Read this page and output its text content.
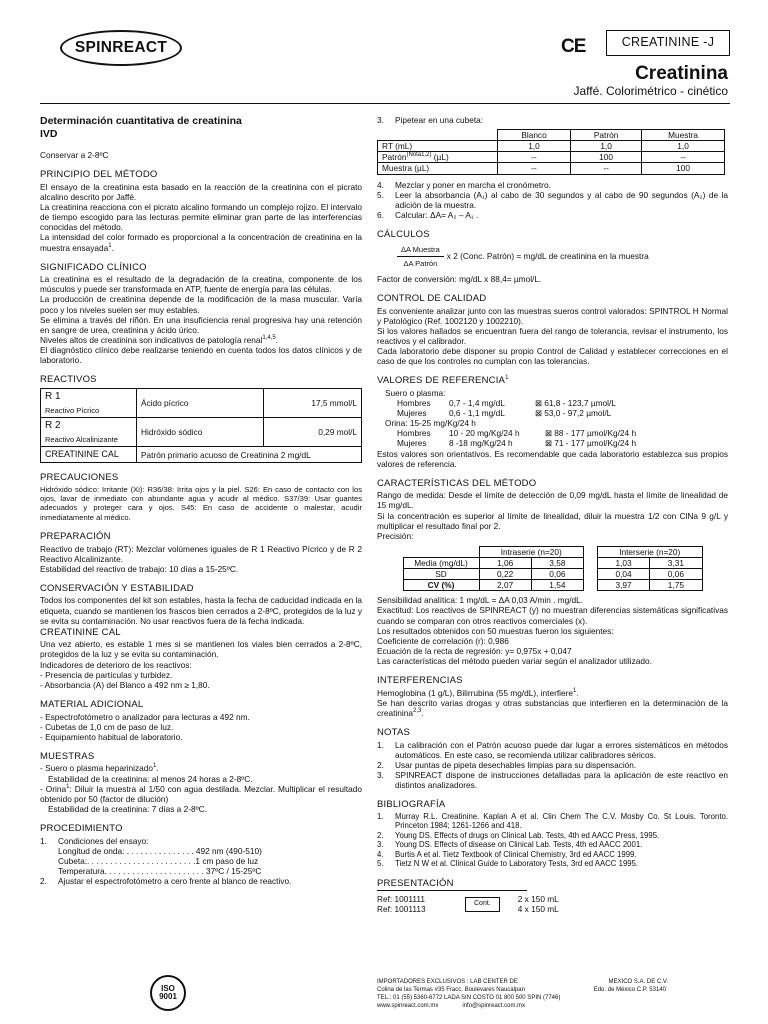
SPINREACT	CE	CREATININE -J
Creatinina
Jaffé. Colorimétrico - cinético
Determinación cuantitativa de creatinina
IVD

Conservar a 2-8ºC

PRINCIPIO DEL MÉTODO

El ensayo de la creatinina esta basado en la reacción de la creatinina con el picrato alcalino descrito por Jaffé.

La creatinina reacciona con el picrato alcalino formando un complejo rojizo. El intervalo de tiempo escogido para las lecturas permite eliminar gran parte de las interferencias conocidas del método.

La intensidad del color formado es proporcional a la concentración de creatinina en la muestra ensayada$^1$.

SIGNIFICADO CLÍNICO

La creatinina es el resultado de la degradación de la creatina, componente de los músculos y puede ser transformada en ATP, fuente de energía para las células.

La producción de creatinina depende de la modificación de la masa muscular. Varía poco y los niveles suelen ser muy estables.

Se elimina a través del riñón. En una insuficiencia renal progresiva hay una retención en sangre de urea, creatinina y ácido úrico.

Niveles altos de creatinina son indicativos de patología renal$^{1,4,5}$.

El diagnóstico clínico debe realizarse teniendo en cuenta todos los datos clínicos y de laboratorio.

REACTIVOS
R 1
Reactivo Pícrico	Ácido pícrico	17,5 mmol/L

R 2
Reactivo Alcalinizante	Hidróxido sódico	0,29 mol/L

CREATININE CAL	Patrón primario acuoso de Creatinina 2 mg/dL	
PRECAUCIONES

Hidróxido sódico: Irritante (Xi): R36/38: Irrita ojos y la piel. S26: En caso de contacto con los ojos, lavar de inmediato con abundante agua y acudir al médico. S37/39: Usar guantes adecuados y proteger cara y ojos. S45: En caso de accidente o malestar, acudir inmediatamente al médico.

PREPARACIÓN

Reactivo de trabajo (RT): Mezclar volúmenes iguales de R 1 Reactivo Pícrico y de R 2 Reactivo Alcalinizante.

Estabilidad del reactivo de trabajo: 10 días a 15-25ºC.

CONSERVACIÓN Y ESTABILIDAD

Todos los componentes del kit son estables, hasta la fecha de caducidad indicada en la etiqueta, cuando se mantienen los frascos bien cerrados a 2-8ºC, protegidos de la luz y se evita su contaminación. No usar reactivos fuera de la fecha indicada.

CREATININE CAL

Una vez abierto, es estable 1 mes si se mantienen los viales bien cerrados a 2-8ºC, protegidos de la luz y se evita su contaminación.

Indicadores de deterioro de los reactivos:

- Presencia de partículas y turbidez.

- Absorbancia (A) del Blanco a 492 nm ≥ 1,80.

MATERIAL ADICIONAL

- Espectrofotómetro o analizador para lecturas a 492 nm.

- Cubetas de 1,0 cm de paso de luz.

- Equipamiento habitual de laboratorio.

MUESTRAS

- Suero o plasma heparinizado$^1$.

Estabilidad de la creatinina: al menos 24 horas a 2-8ºC.

- Orina$^1$: Diluir la muestra al 1/50 con agua destilada. Mezclar. Multiplicar el resultado obtenido por 50 (factor de dilución)

Estabilidad de la creatinina: 7 días a 2-8ºC.

PROCEDIMIENTO
1.	Condiciones del ensayo:

Longitud de onda: . . . . . . . . . . . . . . . 492 nm (490-510)

Cubeta:. . . . . . . . . . . . . . . . . . . . . . . .1 cm paso de luz

Temperatura. . . . . . . . . . . . . . . . . . . . . . 37ºC / 15-25ºC

2.	Ajustar el espectrofotómetro a cero frente al blanco de reactivo.
3.	Pipetear en una cubeta:
	Blanco	Patrón	Muestra
RT (mL)	1,0	1,0	1,0
Patrón$^{(Nota1,2)}$ (µL)	--	100	--
Muestra (µL)	--	--	100
4.	Mezclar y poner en marcha el cronómetro.
5.	Leer la absorbancia (A₁) al cabo de 30 segundos y al cabo de 90 segundos (A₂) de la adición de la muestra.
6.	Calcular: ΔA= A₂ – A₁ .
CÁLCULOS
$\frac{\text{ΔA Muestra}}{\text{ΔA Patrón}}$ x 2 (Conc. Patrón) = mg/dL de creatinina en la muestra

Factor de conversión: mg/dL x 88,4= µmol/L.

CONTROL DE CALIDAD

Es conveniente analizar junto con las muestras sueros control valorados: SPINTROL H Normal y Patológico (Ref. 1002120 y 1002210).

Si los valores hallados se encuentran fuera del rango de tolerancia, revisar el instrumento, los reactivos y el calibrador.

Cada laboratorio debe disponer su propio Control de Calidad y establecer correcciones en el caso de que los controles no cumplan con las tolerancias.

VALORES DE REFERENCIA$^1$

Suero o plasma:

Hombres	0,7 - 1,4 mg/dL	⊠ 61,8 - 123,7 µmol/L
Mujeres	0,6 - 1,1 mg/dL	⊠ 53,0 - 97,2 µmol/L

Orina: 15-25 mg/Kg/24 h

Hombres	10 - 20 mg/Kg/24 h	⊠ 88 - 177 µmol/Kg/24 h
Mujeres	8 -18 mg/Kg/24 h	⊠ 71 - 177 µmol/Kg/24 h

Estos valores son orientativos. Es recomendable que cada laboratorio establezca sus propios valores de referencia.

CARACTERÍSTICAS DEL MÉTODO

Rango de medida: Desde el límite de detección de 0,09 mg/dL hasta el límite de linealidad de 15 mg/dL.

Si la concentración es superior al límite de linealidad, diluir la muestra 1/2 con ClNa 9 g/L y multiplicar el resultado final por 2.

Precisión:

	Intraserie (n=20)			Interserie (n=20)	
Media (mg/dL)	1,06	3,58		1,03	3,31
SD	0,22	0,06		0,04	0,06
CV (%)	2,07	1,54		3,97	1,75

Sensibilidad analítica: 1 mg/dL = ΔA 0,03 A/min . mg/dL.

Exactitud: Los reactivos de SPINREACT (y) no muestran diferencias sistemáticas significativas cuando se comparan con otros reactivos comerciales (x).

Los resultados obtenidos con 50 muestras fueron los siguientes:

Coeficiente de correlación (r): 0,986

Ecuación de la recta de regresión: y= 0,975x + 0,047

Las características del método pueden variar según el analizador utilizado.

INTERFERENCIAS

Hemoglobina (1 g/L), Bilirrubina (55 mg/dL), interfiere$^1$.

Se han descrito varias drogas y otras substancias que interfieren en la determinación de la creatinina$^{2,3}$.

NOTAS
1.	La calibración con el Patrón acuoso puede dar lugar a errores sistemáticos en métodos automáticos. En este caso, se recomienda utilizar calibradores séricos.
2.	Usar puntas de pipeta desechables limpias para su dispensación.
3.	SPINREACT dispone de instrucciones detalladas para la aplicación de este reactivo en distintos analizadores.
BIBLIOGRAFÍA
1.	Murray R.L. Creatinine. Kaplan A et al. Clin Chem The C.V. Mosby Co. St Louis. Toronto. Princeton 1984; 1261-1266 and 418.
2.	Young DS. Effects of drugs on Clinical Lab. Tests, 4th ed AACC Press, 1995.
3.	Young DS. Effects of disease on Clinical Lab. Tests, 4th ed AACC 2001.
4.	Burtis A et al. Tietz Textbook of Clinical Chemistry, 3rd ed AACC 1999.
5.	Tietz N W et al. Clinical Guide to Laboratory Tests, 3rd ed AACC 1995.
PRESENTACIÓN
Ref: 1001111
Ref: 1001113
Cont.	2 x 150 mL
4 x 150 mL
ISO
9001
IMPORTADORES EXCLUSIVOS : LAB CENTER DE	MEXICO S.A. DE C.V.
Colina de las Termas #35 Fracc. Boulevares Naucalpan	Edo. de México C.P. 53140
TEL.: 01 (55) 5360-6772 LADA SIN COSTO 01 800 500 SPIN (7746)
www.spinreact.com.mx	info@spinreact.com.mx
